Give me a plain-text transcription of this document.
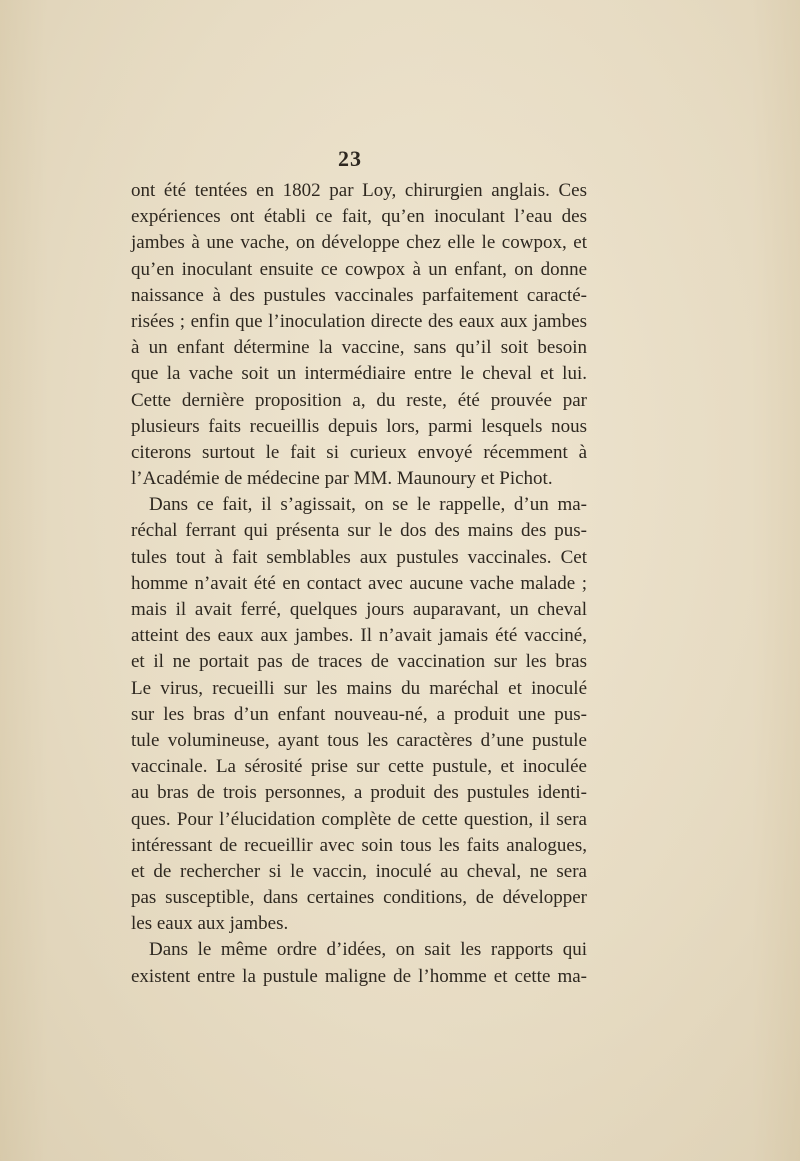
23
ont été tentées en 1802 par Loy, chirurgien anglais. Ces
expériences ont établi ce fait, qu’en inoculant l’eau des
jambes à une vache, on développe chez elle le cowpox, et
qu’en inoculant ensuite ce cowpox à un enfant, on donne
naissance à des pustules vaccinales parfaitement caracté-
risées ; enfin que l’inoculation directe des eaux aux jambes
à un enfant détermine la vaccine, sans qu’il soit besoin
que la vache soit un intermédiaire entre le cheval et lui.
Cette dernière proposition a, du reste, été prouvée par
plusieurs faits recueillis depuis lors, parmi lesquels nous
citerons surtout le fait si curieux envoyé récemment à
l’Académie de médecine par MM. Maunoury et Pichot.
Dans ce fait, il s’agissait, on se le rappelle, d’un ma-
réchal ferrant qui présenta sur le dos des mains des pus-
tules tout à fait semblables aux pustules vaccinales. Cet
homme n’avait été en contact avec aucune vache malade ;
mais il avait ferré, quelques jours auparavant, un cheval
atteint des eaux aux jambes. Il n’avait jamais été vacciné,
et il ne portait pas de traces de vaccination sur les bras
Le virus, recueilli sur les mains du maréchal et inoculé
sur les bras d’un enfant nouveau-né, a produit une pus-
tule volumineuse, ayant tous les caractères d’une pustule
vaccinale. La sérosité prise sur cette pustule, et inoculée
au bras de trois personnes, a produit des pustules identi-
ques. Pour l’élucidation complète de cette question, il sera
intéressant de recueillir avec soin tous les faits analogues,
et de rechercher si le vaccin, inoculé au cheval, ne sera
pas susceptible, dans certaines conditions, de développer
les eaux aux jambes.
Dans le même ordre d’idées, on sait les rapports qui
existent entre la pustule maligne de l’homme et cette ma-
